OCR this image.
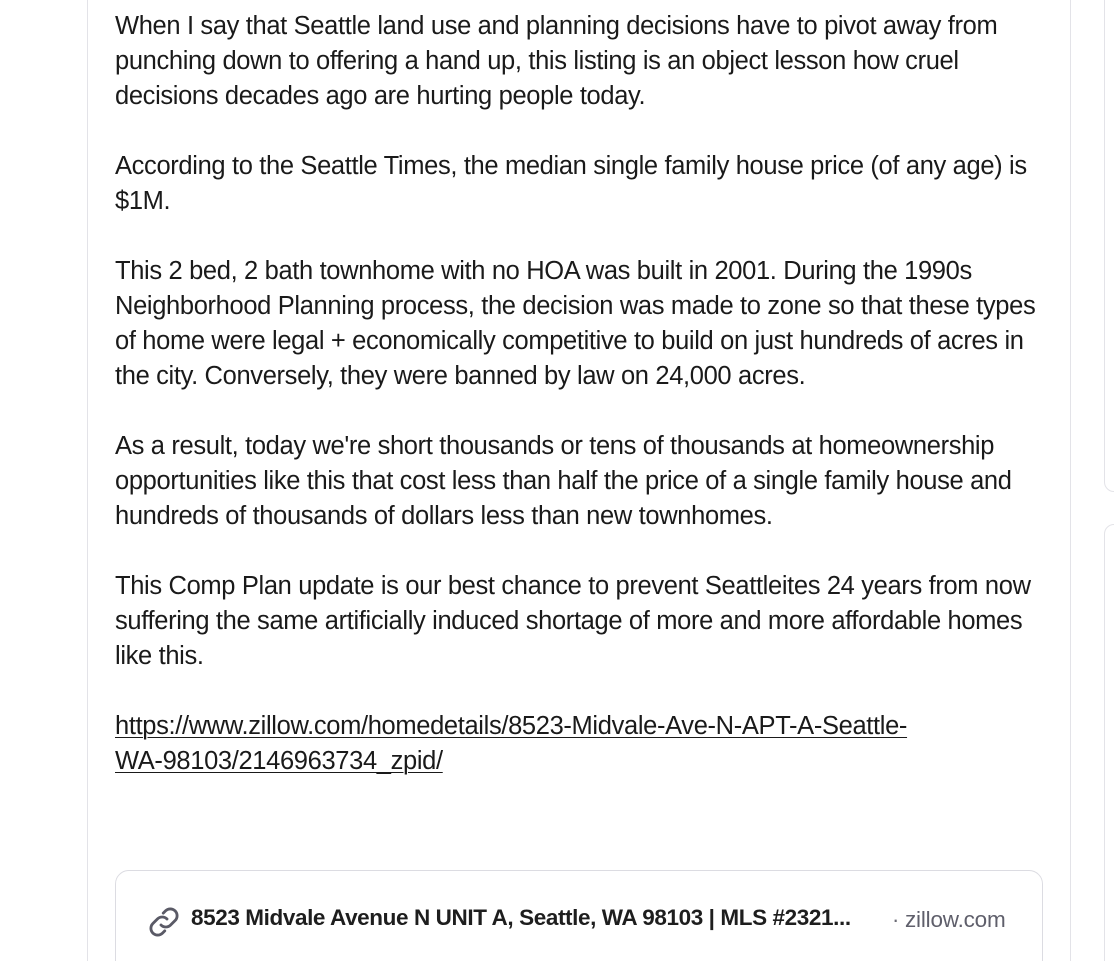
When I say that Seattle land use and planning decisions have to pivot away from punching down to offering a hand up, this listing is an object lesson how cruel decisions decades ago are hurting people today.

According to the Seattle Times, the median single family house price (of any age) is $1M.

This 2 bed, 2 bath townhome with no HOA was built in 2001. During the 1990s Neighborhood Planning process, the decision was made to zone so that these types of home were legal + economically competitive to build on just hundreds of acres in the city. Conversely, they were banned by law on 24,000 acres.

As a result, today we're short thousands or tens of thousands at homeownership opportunities like this that cost less than half the price of a single family house and hundreds of thousands of dollars less than new townhomes.

This Comp Plan update is our best chance to prevent Seattleites 24 years from now suffering the same artificially induced shortage of more and more affordable homes like this.

https://www.zillow.com/homedetails/8523-Midvale-Ave-N-APT-A-Seattle-
WA-98103/2146963734_zpid/
8523 Midvale Avenue N UNIT A, Seattle, WA 98103 | MLS #2321... · zillow.com
